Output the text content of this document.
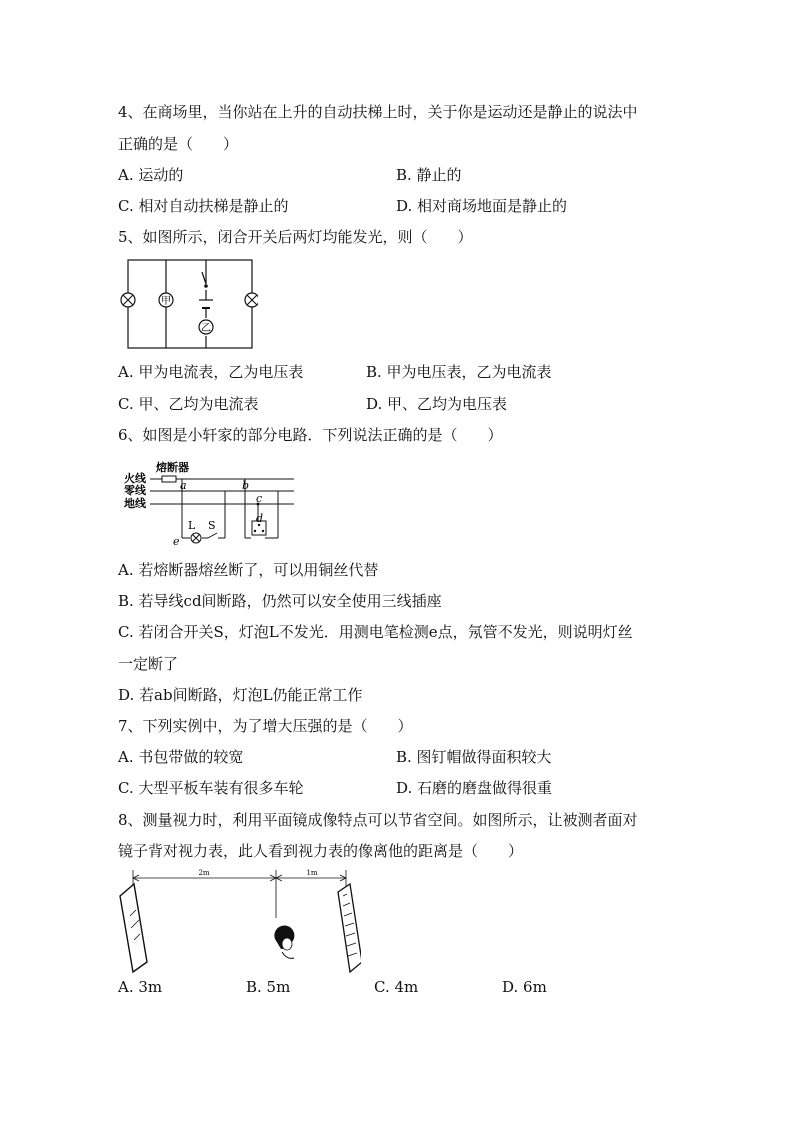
4、在商场里，当你站在上升的自动扶梯上时，关于你是运动还是静止的说法中
正确的是（　　）
A. 运动的	B. 静止的
C. 相对自动扶梯是静止的	D. 相对商场地面是静止的
5、如图所示，闭合开关后两灯均能发光，则（　　）
甲
乙
A. 甲为电流表，乙为电压表	B. 甲为电压表，乙为电流表
C. 甲、乙均为电流表	D. 甲、乙均为电压表
6、如图是小轩家的部分电路．下列说法正确的是（　　）
熔断器
火线
零线
地线
a	b
c
d
e
L S
A. 若熔断器熔丝断了，可以用铜丝代替
B. 若导线cd间断路，仍然可以安全使用三线插座
C. 若闭合开关S，灯泡L不发光．用测电笔检测e点，氖管不发光，则说明灯丝
一定断了
D. 若ab间断路，灯泡L仍能正常工作
7、下列实例中，为了增大压强的是（　　）
A. 书包带做的较宽	B. 图钉帽做得面积较大
C. 大型平板车装有很多车轮	D. 石磨的磨盘做得很重
8、测量视力时，利用平面镜成像特点可以节省空间。如图所示，让被测者面对
镜子背对视力表，此人看到视力表的像离他的距离是（　　）
2m	1m
A. 3m	B. 5m	C. 4m	D. 6m
